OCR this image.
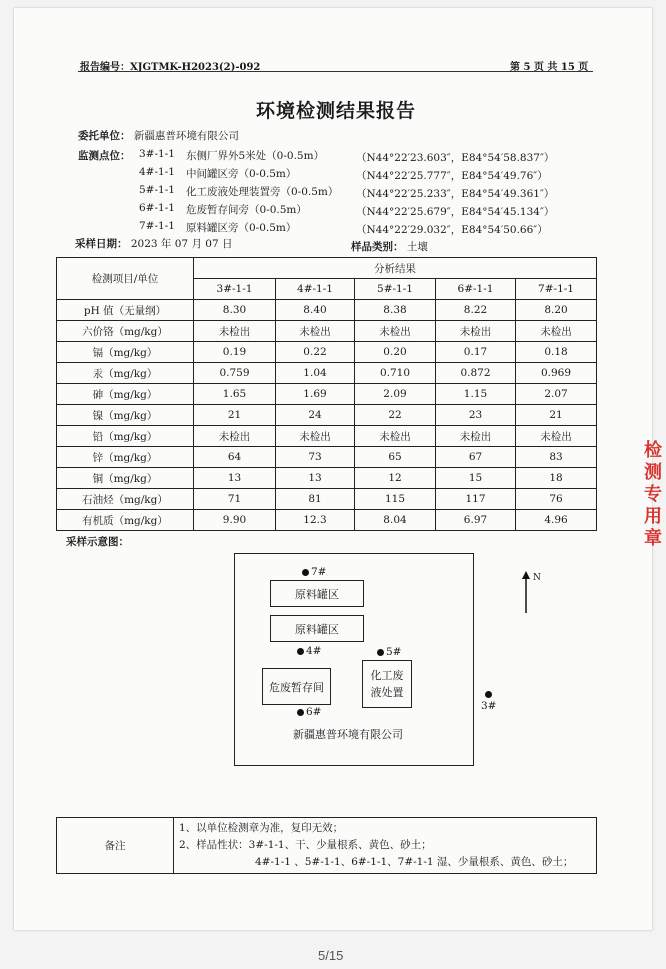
报告编号：XJGTMK-H2023(2)-092	第 5 页 共 15 页
环境检测结果报告
委托单位： 新疆惠普环境有限公司
监测点位： 3#-1-1 东侧厂界外5米处（0-0.5m）	（N44°22′23.603″，E84°54′58.837″）
4#-1-1 中间罐区旁（0-0.5m）	（N44°22′25.777″，E84°54′49.76″）
5#-1-1 化工废液处理装置旁（0-0.5m） （N44°22′25.233″，E84°54′49.361″）
6#-1-1 危废暂存间旁（0-0.5m）	（N44°22′25.679″，E84°54′45.134″）
7#-1-1 原料罐区旁（0-0.5m）	（N44°22′29.032″，E84°54′50.66″）
采样日期： 2023 年 07 月 07 日	样品类别： 土壤
检测项目/单位	分析结果				
	3#-1-1	4#-1-1	5#-1-1	6#-1-1	7#-1-1
pH 值（无量纲）	8.30	8.40	8.38	8.22	8.20
六价铬（mg/kg）	未检出	未检出	未检出	未检出	未检出
镉（mg/kg）	0.19	0.22	0.20	0.17	0.18
汞（mg/kg）	0.759	1.04	0.710	0.872	0.969
砷（mg/kg）	1.65	1.69	2.09	1.15	2.07
镍（mg/kg）	21	24	22	23	21
铅（mg/kg）	未检出	未检出	未检出	未检出	未检出
锌（mg/kg）	64	73	65	67	83
铜（mg/kg）	13	13	12	15	18
石油烃（mg/kg）	71	81	115	117	76
有机质（mg/kg）	9.90	12.3	8.04	6.97	4.96
采样示意图：
原料罐区
原料罐区
危废暂存间
化工废液处置
7#
4#	5#
6#	3#
新疆惠普环境有限公司
N
备注	
1、以单位检测章为准，复印无效；
2、样品性状：3#-1-1、干、少量根系、黄色、砂土；
4#-1-1 、5#-1-1、6#-1-1、7#-1-1 湿、少量根系、黄色、砂土；
检
测
专
用
章
5/15
